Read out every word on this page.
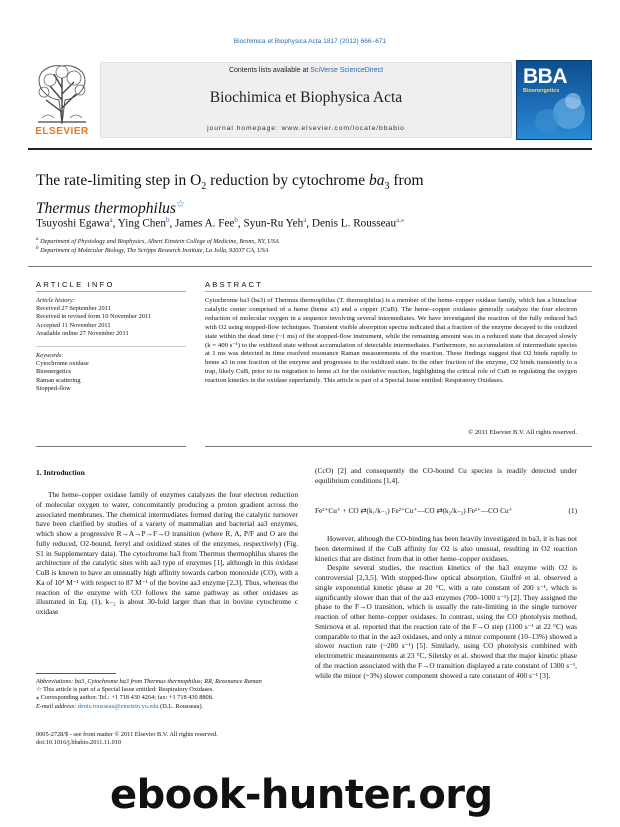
Biochimica et Biophysica Acta 1817 (2012) 666–671
ELSEVIER
Contents lists available at SciVerse ScienceDirect
Biochimica et Biophysica Acta
journal homepage: www.elsevier.com/locate/bbabio
BBA
Bioenergetics
The rate-limiting step in $O_2$ reduction by cytochrome $ba_3$ from
Thermus thermophilus☆
Tsuyoshi Egawa$^a$, Ying Chen$^b$, James A. Fee$^b$, Syun-Ru Yeh$^a$, Denis L. Rousseau$^{a,⁎}$
$^a$ Department of Physiology and Biophysics, Albert Einstein College of Medicine, Bronx, NY, USA
$^b$ Department of Molecular Biology, The Scripps Research Institute, La Jolla, 92037 CA, USA
ARTICLE INFO
Article history:
Received 27 September 2011
Received in revised form 10 November 2011
Accepted 11 November 2011
Available online 27 November 2011
Keywords:
Cytochrome oxidase
Bioenergetics
Raman scattering
Stopped-flow
ABSTRACT
Cytochrome ba3 (ba3) of Thermus thermophilus (T. thermophilus) is a member of the heme–copper oxidase family, which has a binuclear catalytic center comprised of a heme (heme a3) and a copper (CuB). The heme–copper oxidases generally catalyze the four electron reduction of molecular oxygen in a sequence involving several intermediates. We have investigated the reaction of the fully reduced ba3 with O2 using stopped-flow techniques. Transient visible absorption spectra indicated that a fraction of the enzyme decayed to the oxidized state within the dead time (~1 ms) of the stopped-flow instrument, while the remaining amount was in a reduced state that decayed slowly (k = 400 s⁻¹) to the oxidized state without accumulation of detectable intermediates. Furthermore, no accumulation of intermediate species at 1 ms was detected in time resolved resonance Raman measurements of the reaction. These findings suggest that O2 binds rapidly to heme a3 in one fraction of the enzyme and progresses to the oxidized state. In the other fraction of the enzyme, O2 binds transiently to a trap, likely CuB, prior to its migration to heme a3 for the oxidative reaction, highlighting the critical role of CuB in regulating the oxygen reaction kinetics in the oxidase superfamily. This article is part of a Special Issue entitled: Respiratory Oxidases.
© 2011 Elsevier B.V. All rights reserved.
1. Introduction
The heme–copper oxidase family of enzymes catalyzes the four electron reduction of molecular oxygen to water, concomitantly producing a proton gradient across the associated membranes. The chemical intermediates formed during the catalytic turnover have been clarified by studies of a variety of mammalian and bacterial aa3 enzymes, which show a progressive R→A→P→F→O transition (where R, A, P/F and O are the fully reduced, O2-bound, ferryl and oxidized states of the enzymes, respectively) (Fig. S1 in Supplementary data). The cytochrome ba3 from Thermus thermophilus shares the architecture of the catalytic sites with aa3 type of enzymes [1], although in this oxidase CuB is known to have an unusually high affinity towards carbon monoxide (CO), with a Ka of 10⁴ M⁻¹ with respect to 87 M⁻¹ of the bovine aa3 enzyme [2,3]. Thus, whereas the reaction of the enzyme with CO follows the same pathway as other oxidases as illustrated in Eq. (1), k₋₂ is about 30-fold larger than that in bovine cytochrome c oxidase
(CcO) [2] and consequently the CO-bound Cu species is readily detected under equilibrium conditions [1,4].
Fe²⁺Cu⁺ + CO ⇄(k₁/k₋₁) Fe²⁺Cu⁺—CO ⇄(k₂/k₋₂) Fe²⁺—CO Cu⁺	(1)

However, although the CO-binding has been heavily investigated in ba3, it is has not been determined if the CuB affinity for O2 is also unusual, resulting in O2 reaction kinetics that are distinct from that in other heme–copper oxidases.

Despite several studies, the reaction kinetics of the ba3 enzyme with O2 is controversial [2,3,5]. With stopped-flow optical absorption, Giuffré et al. observed a single exponential kinetic phase at 20 °C, with a rate constant of 200 s⁻¹, which is significantly slower than that of the aa3 enzymes (700–1000 s⁻¹) [2]. They assigned the phase to the F→O transition, which is usually the rate-limiting in the single turnover reaction of other heme–copper oxidases. In contrast, using the CO photolysis method, Smirnova et al. reported that the reaction rate of the F→O step (1100 s⁻¹ at 22 °C) was comparable to that in the aa3 oxidases, and only a minor component (10–13%) showed a slower reaction rate (~200 s⁻¹) [5]. Similarly, using CO photolysis combined with electrometric measurements at 23 °C, Siletsky et al. showed that the major kinetic phase of the reaction associated with the F→O transition displayed a rate constant of 1300 s⁻¹, while the minor (~3%) slower component showed a rate constant of 400 s⁻¹ [3].

Abbreviations: ba3, Cytochrome ba3 from Thermus thermophilus; RR, Resonance Raman
☆ This article is part of a Special Issue entitled: Respiratory Oxidases.
⁎ Corresponding author. Tel.: +1 718 430 4264; fax: +1 718 430 8808.
E-mail address: denis.rousseau@einstein.yu.edu (D.L. Rousseau).
0005-2728/$ - see front matter © 2011 Elsevier B.V. All rights reserved.
doi:10.1016/j.bbabio.2011.11.010
ebook-hunter.org
